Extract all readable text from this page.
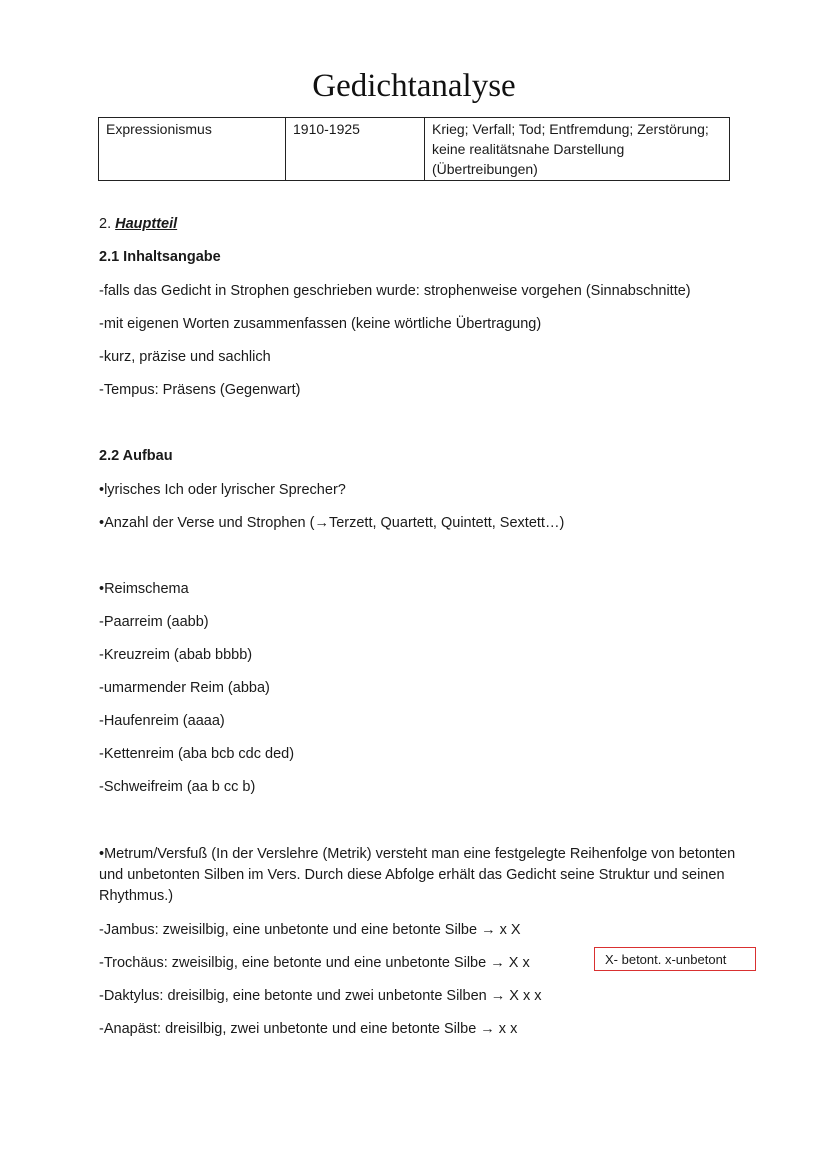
Gedichtanalyse
Expressionismus	1910-1925	Krieg; Verfall; Tod; Entfremdung; Zerstörung; keine realitätsnahe Darstellung (Übertreibungen)
2. Hauptteil
2.1 Inhaltsangabe
-falls das Gedicht in Strophen geschrieben wurde: strophenweise vorgehen (Sinnabschnitte)
-mit eigenen Worten zusammenfassen (keine wörtliche Übertragung)
-kurz, präzise und sachlich
-Tempus: Präsens (Gegenwart)
2.2 Aufbau
•lyrisches Ich oder lyrischer Sprecher?
•Anzahl der Verse und Strophen (→Terzett, Quartett, Quintett, Sextett…)
•Reimschema
-Paarreim (aabb)
-Kreuzreim (abab bbbb)
-umarmender Reim (abba)
-Haufenreim (aaaa)
-Kettenreim (aba bcb cdc ded)
-Schweifreim (aa b cc b)
•Metrum/Versfuß (In der Verslehre (Metrik) versteht man eine festgelegte Reihenfolge von betonten und unbetonten Silben im Vers. Durch diese Abfolge erhält das Gedicht seine Struktur und seinen Rhythmus.)
-Jambus: zweisilbig, eine unbetonte und eine betonte Silbe → x X
-Trochäus: zweisilbig, eine betonte und eine unbetonte Silbe → X x
-Daktylus: dreisilbig, eine betonte und zwei unbetonte Silben → X x x
-Anapäst: dreisilbig, zwei unbetonte und eine betonte Silbe → x x
X- betont. x-unbetont
